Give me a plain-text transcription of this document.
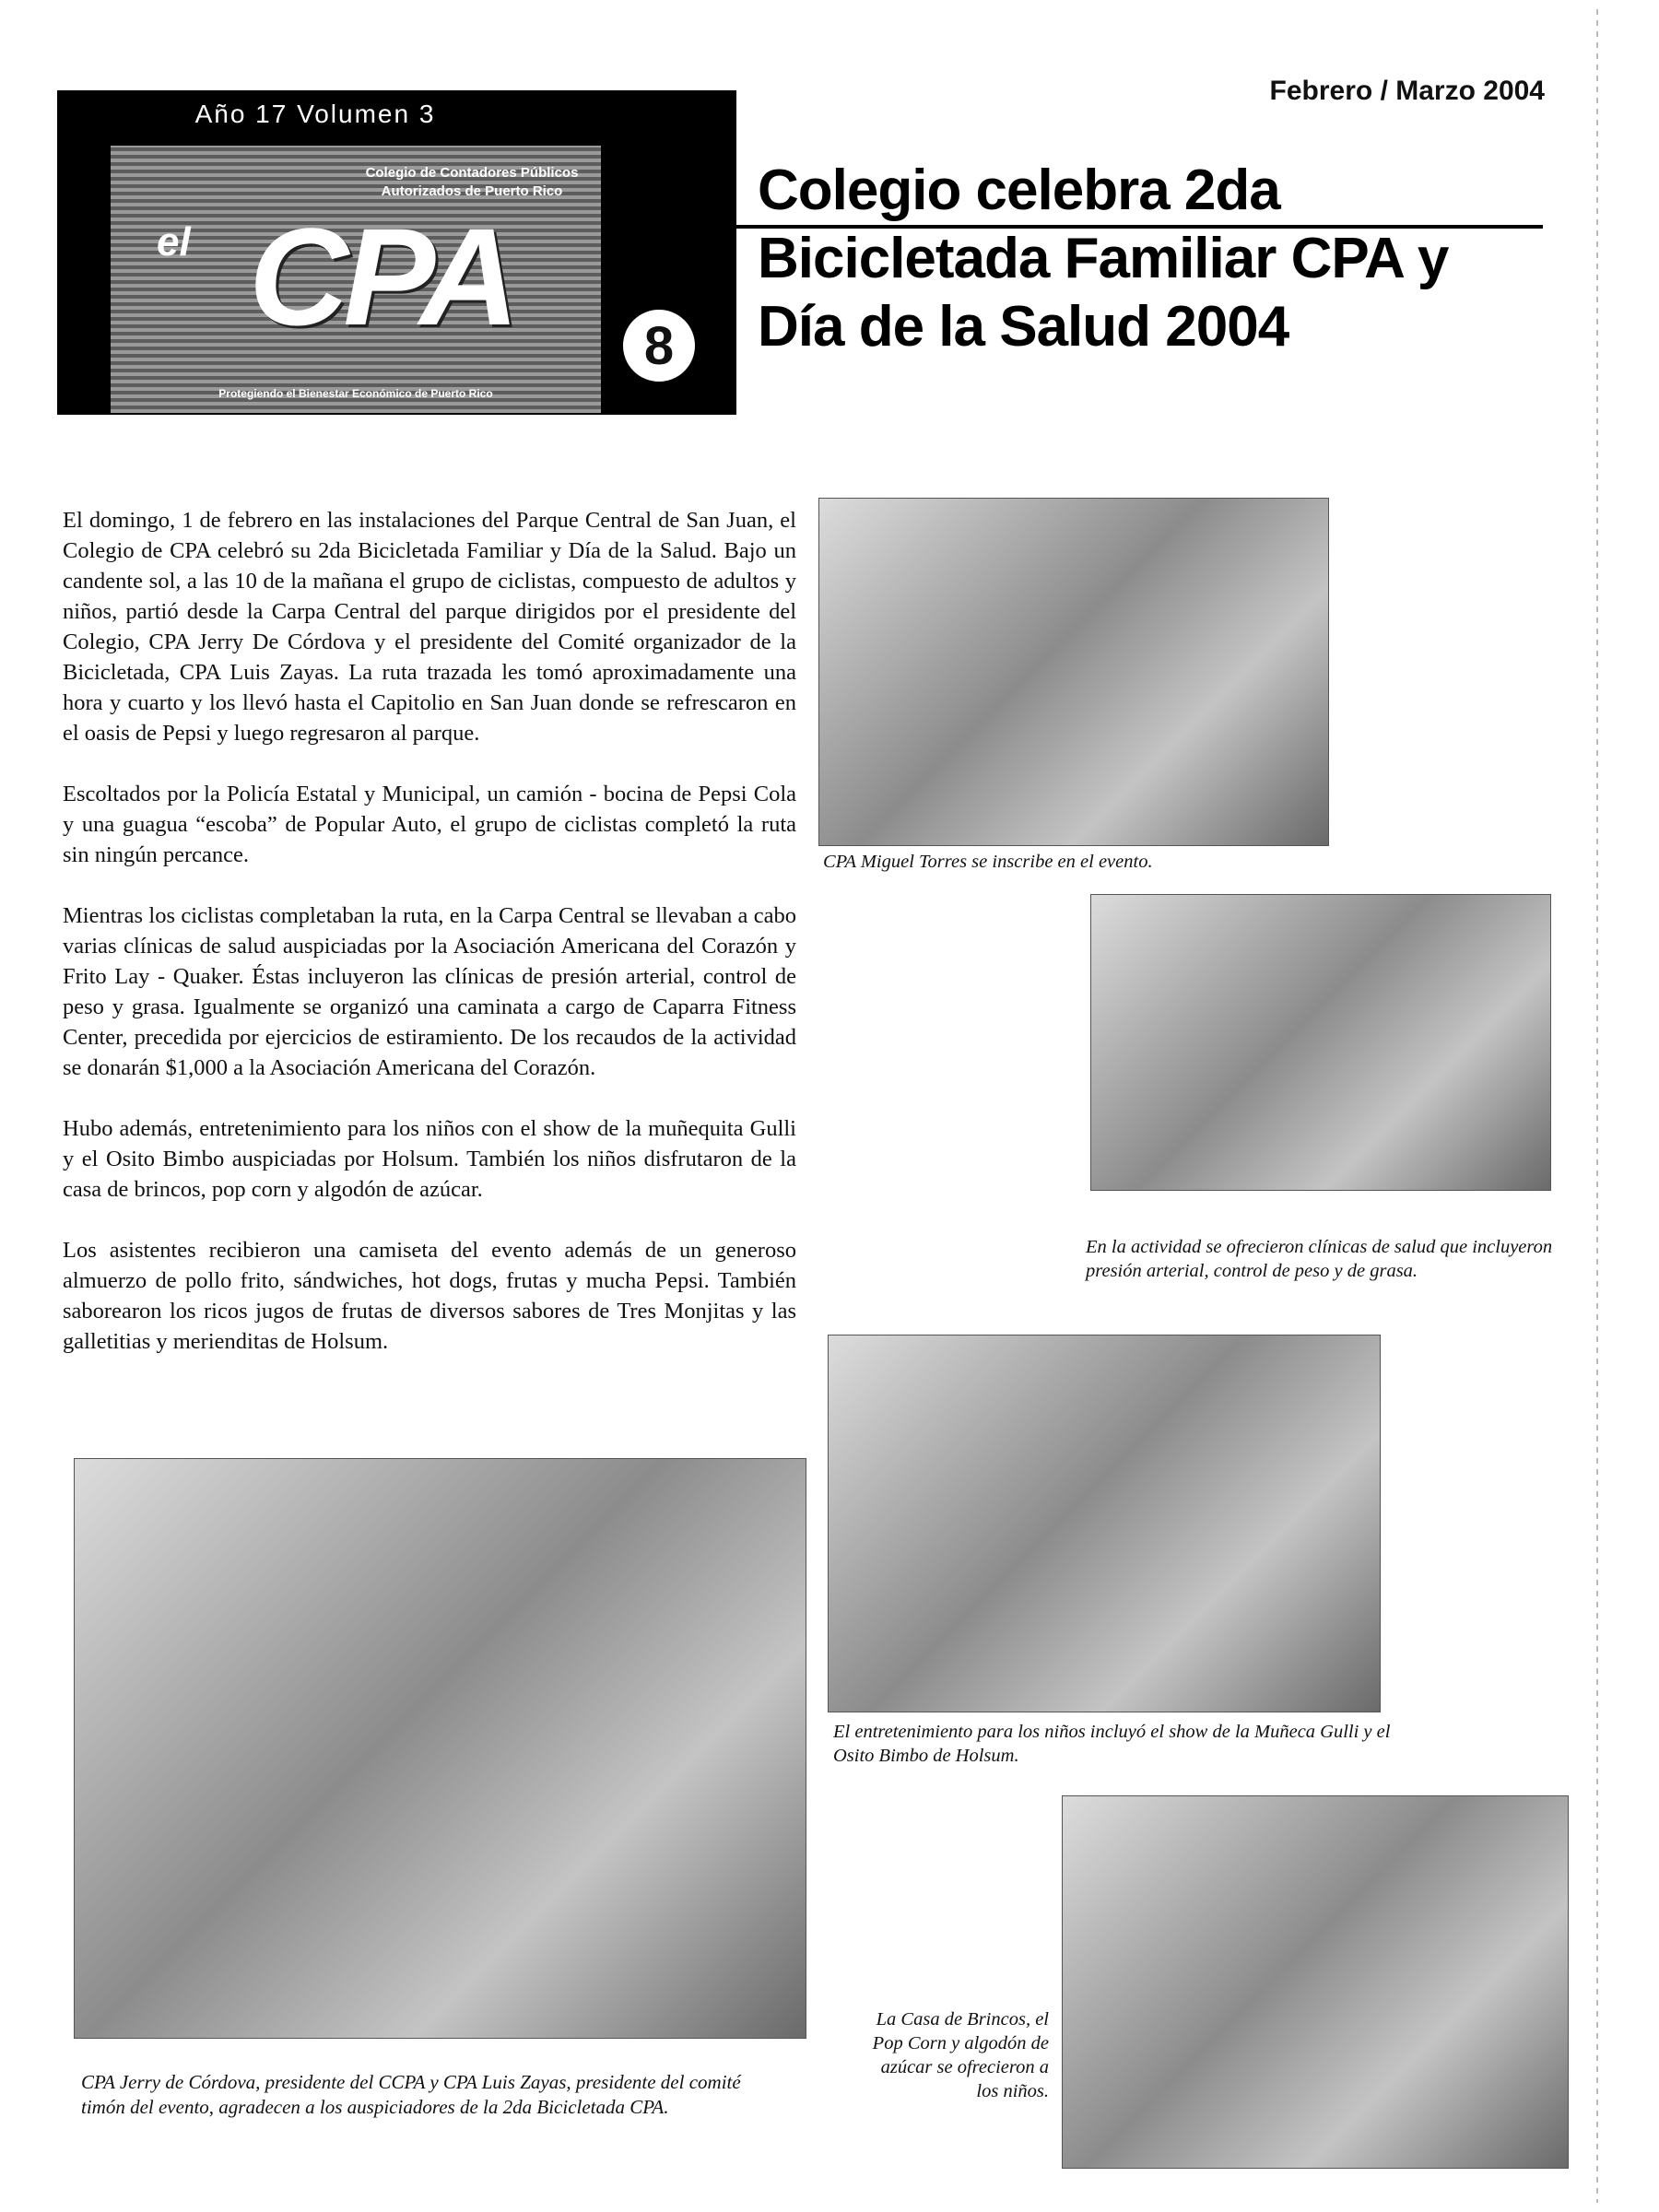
Año 17 Volumen 3
Colegio de Contadores Públicos Autorizados de Puerto Rico
el CPA
Protegiendo el Bienestar Económico de Puerto Rico
8
Febrero / Marzo 2004
Colegio celebra 2da
Bicicletada Familiar CPA y
Día de la Salud 2004

El domingo, 1 de febrero en las instalaciones del Parque Central de San Juan, el Colegio de CPA celebró su 2da Bicicletada Familiar y Día de la Salud. Bajo un candente sol, a las 10 de la mañana el grupo de ciclistas, compuesto de adultos y niños, partió desde la Carpa Central del parque dirigidos por el presidente del Colegio, CPA Jerry De Córdova y el presidente del Comité organizador de la Bicicletada, CPA Luis Zayas. La ruta trazada les tomó aproximadamente una hora y cuarto y los llevó hasta el Capitolio en San Juan donde se refrescaron en el oasis de Pepsi y luego regresaron al parque.

Escoltados por la Policía Estatal y Municipal, un camión - bocina de Pepsi Cola y una guagua “escoba” de Popular Auto, el grupo de ciclistas completó la ruta sin ningún percance.

Mientras los ciclistas completaban la ruta, en la Carpa Central se llevaban a cabo varias clínicas de salud auspiciadas por la Asociación Americana del Corazón y Frito Lay - Quaker. Éstas incluyeron las clínicas de presión arterial, control de peso y grasa. Igualmente se organizó una caminata a cargo de Caparra Fitness Center, precedida por ejercicios de estiramiento. De los recaudos de la actividad se donarán $1,000 a la Asociación Americana del Corazón.

Hubo además, entretenimiento para los niños con el show de la muñequita Gulli y el Osito Bimbo auspiciadas por Holsum. También los niños disfrutaron de la casa de brincos, pop corn y algodón de azúcar.

Los asistentes recibieron una camiseta del evento además de un generoso almuerzo de pollo frito, sándwiches, hot dogs, frutas y mucha Pepsi. También saborearon los ricos jugos de frutas de diversos sabores de Tres Monjitas y las galletitias y merienditas de Holsum.

CPA Miguel Torres se inscribe en el evento.
En la actividad se ofrecieron clínicas de salud que incluyeron presión arterial, control de peso y de grasa.
El entretenimiento para los niños incluyó el show de la Muñeca Gulli y el Osito Bimbo de Holsum.
CPA Jerry de Córdova, presidente del CCPA y CPA Luis Zayas, presidente del comité timón del evento, agradecen a los auspiciadores de la 2da Bicicletada CPA.
La Casa de Brincos, el Pop Corn y algodón de azúcar se ofrecieron a los niños.
